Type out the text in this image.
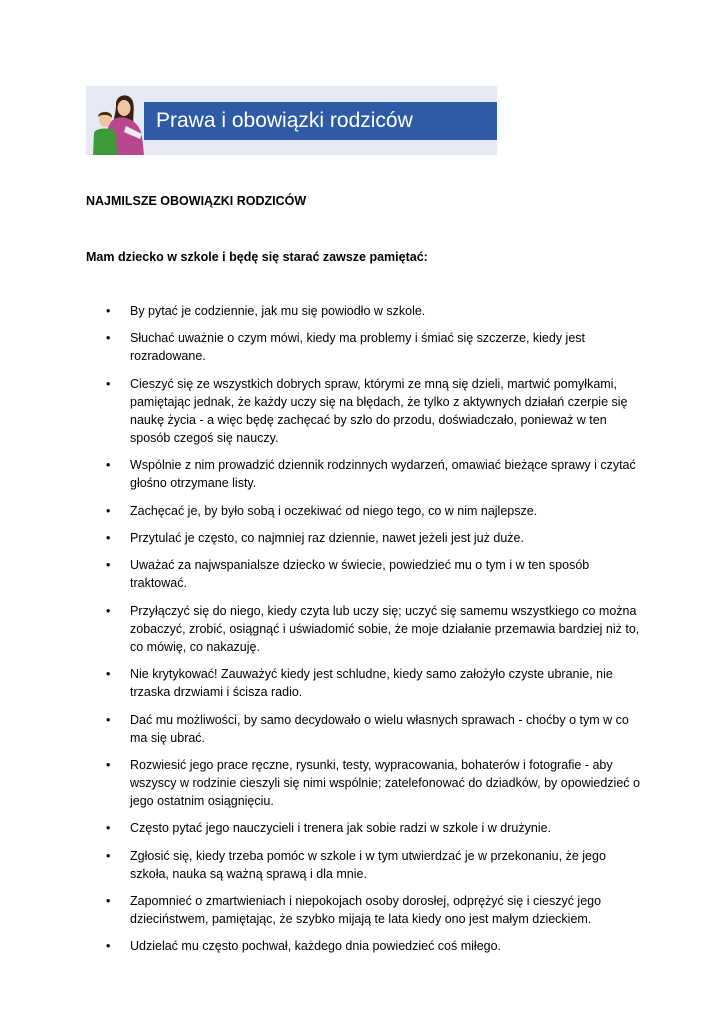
Prawa i obowiązki rodziców
NAJMILSZE OBOWIĄZKI RODZICÓW
Mam dziecko w szkole i będę się starać zawsze pamiętać:
• By pytać je codziennie, jak mu się powiodło w szkole.
• Słuchać uważnie o czym mówi, kiedy ma problemy i śmiać się szczerze, kiedy jest rozradowane.
• Cieszyć się ze wszystkich dobrych spraw, którymi ze mną się dzieli, martwić pomyłkami, pamiętając jednak, że każdy uczy się na błędach, że tylko z aktywnych działań czerpie się naukę życia - a więc będę zachęcać by szło do przodu, doświadczało, ponieważ w ten sposób czegoś się nauczy.
• Wspólnie z nim prowadzić dziennik rodzinnych wydarzeń, omawiać bieżące sprawy i czytać głośno otrzymane listy.
• Zachęcać je, by było sobą i oczekiwać od niego tego, co w nim najlepsze.
• Przytulać je często, co najmniej raz dziennie, nawet jeżeli jest już duże.
• Uważać za najwspanialsze dziecko w świecie, powiedzieć mu o tym i w ten sposób traktować.
• Przyłączyć się do niego, kiedy czyta lub uczy się; uczyć się samemu wszystkiego co można zobaczyć, zrobić, osiągnąć i uświadomić sobie, że moje działanie przemawia bardziej niż to, co mówię, co nakazuję.
• Nie krytykować! Zauważyć kiedy jest schludne, kiedy samo założyło czyste ubranie, nie trzaska drzwiami i ścisza radio.
• Dać mu możliwości, by samo decydowało o wielu własnych sprawach - choćby o tym w co ma się ubrać.
• Rozwiesić jego prace ręczne, rysunki, testy, wypracowania, bohaterów i fotografie - aby wszyscy w rodzinie cieszyli się nimi wspólnie; zatelefonować do dziadków, by opowiedzieć o jego ostatnim osiągnięciu.
• Często pytać jego nauczycieli i trenera jak sobie radzi w szkole i w drużynie.
• Zgłosić się, kiedy trzeba pomóc w szkole i w tym utwierdzać je w przekonaniu, że jego szkoła, nauka są ważną sprawą i dla mnie.
• Zapomnieć o zmartwieniach i niepokojach osoby dorosłej, odprężyć się i cieszyć jego dzieciństwem, pamiętając, że szybko mijają te lata kiedy ono jest małym dzieckiem.
• Udzielać mu często pochwał, każdego dnia powiedzieć coś miłego.
